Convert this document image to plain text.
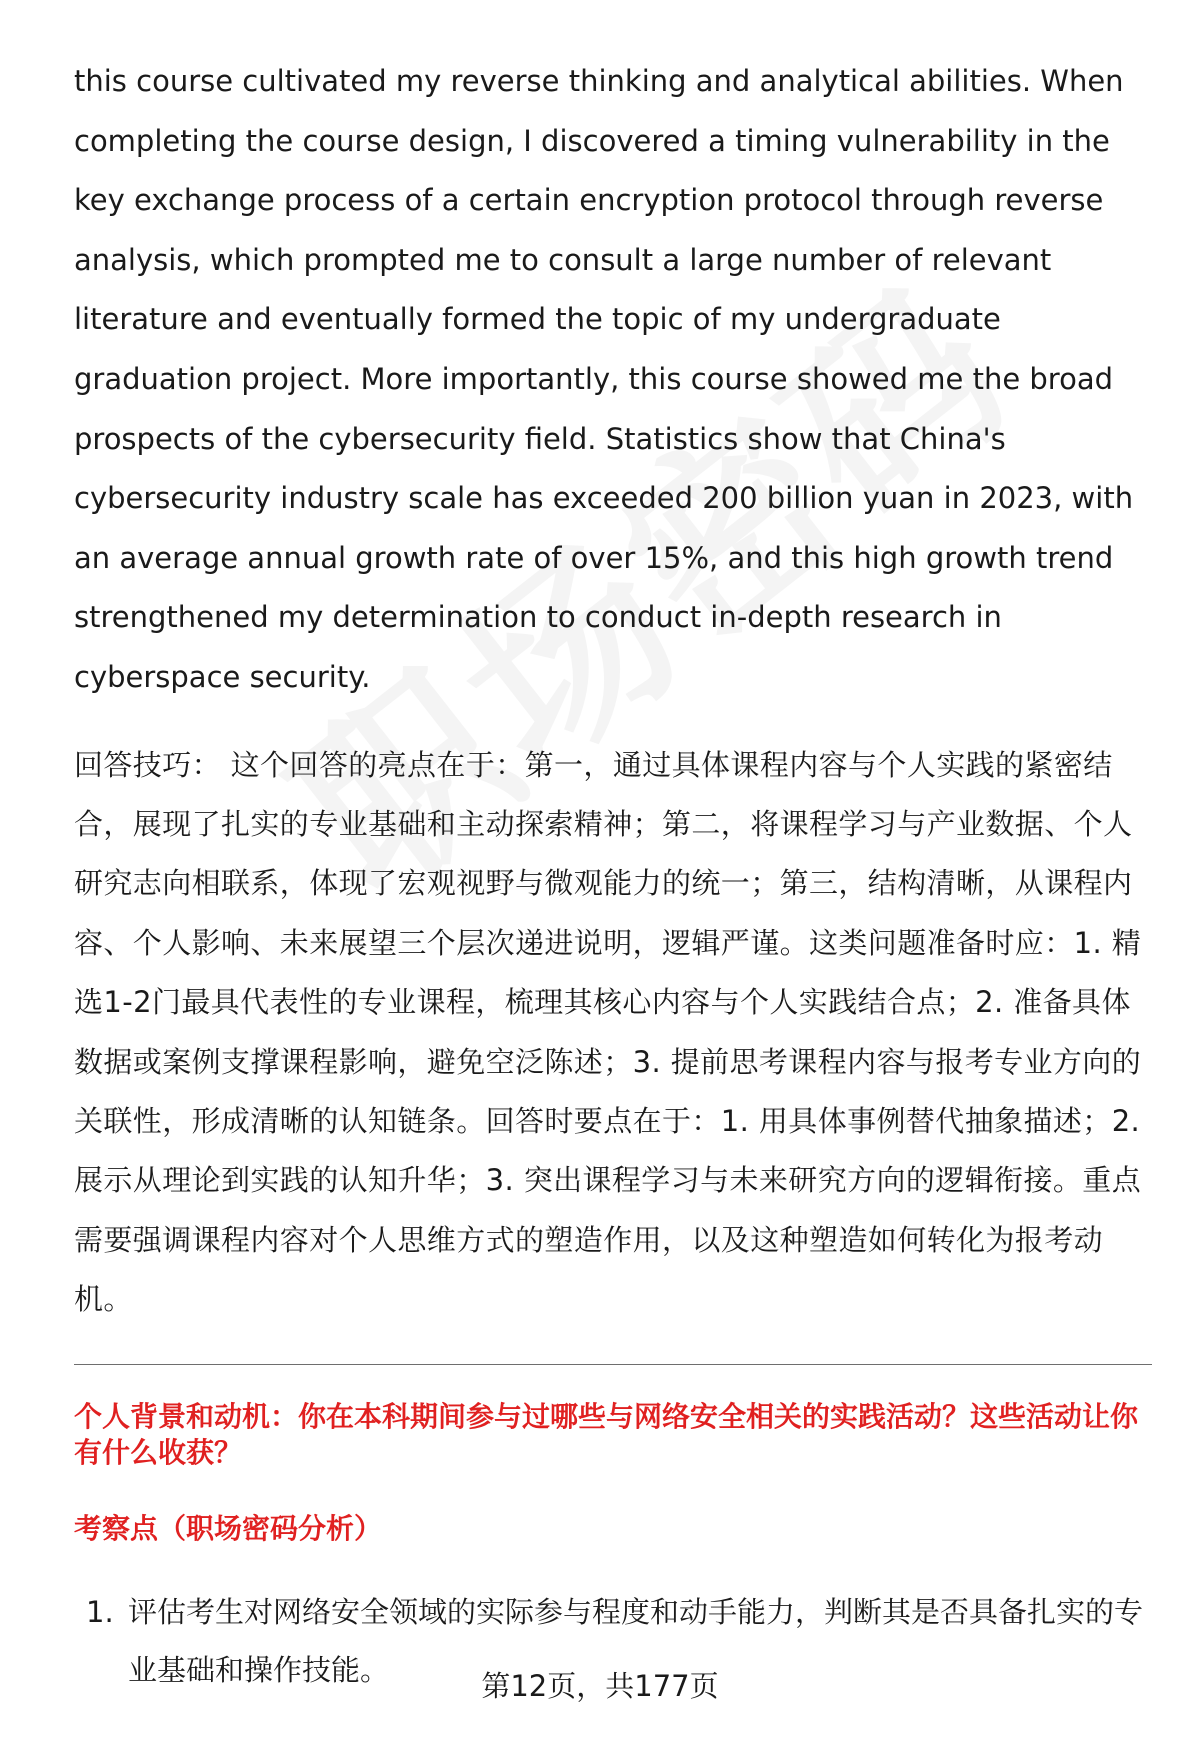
this course cultivated my reverse thinking and analytical abilities. When completing the course design, I discovered a timing vulnerability in the key exchange process of a certain encryption protocol through reverse analysis, which prompted me to consult a large number of relevant literature and eventually formed the topic of my undergraduate graduation project. More importantly, this course showed me the broad prospects of the cybersecurity field. Statistics show that China's cybersecurity industry scale has exceeded 200 billion yuan in 2023, with an average annual growth rate of over 15%, and this high growth trend strengthened my determination to conduct in-depth research in cyberspace security.

回答技巧： 这个回答的亮点在于：第一，通过具体课程内容与个人实践的紧密结合，展现了扎实的专业基础和主动探索精神；第二，将课程学习与产业数据、个人研究志向相联系，体现了宏观视野与微观能力的统一；第三，结构清晰，从课程内容、个人影响、未来展望三个层次递进说明，逻辑严谨。这类问题准备时应：1. 精选1-2门最具代表性的专业课程，梳理其核心内容与个人实践结合点；2. 准备具体数据或案例支撑课程影响，避免空泛陈述；3. 提前思考课程内容与报考专业方向的关联性，形成清晰的认知链条。回答时要点在于：1. 用具体事例替代抽象描述；2. 展示从理论到实践的认知升华；3. 突出课程学习与未来研究方向的逻辑衔接。重点需要强调课程内容对个人思维方式的塑造作用，以及这种塑造如何转化为报考动机。

个人背景和动机：你在本科期间参与过哪些与网络安全相关的实践活动？这些活动让你有什么收获？
考察点（职场密码分析）
1. 评估考生对网络安全领域的实际参与程度和动手能力，判断其是否具备扎实的专业基础和操作技能。	第12页，共177页
